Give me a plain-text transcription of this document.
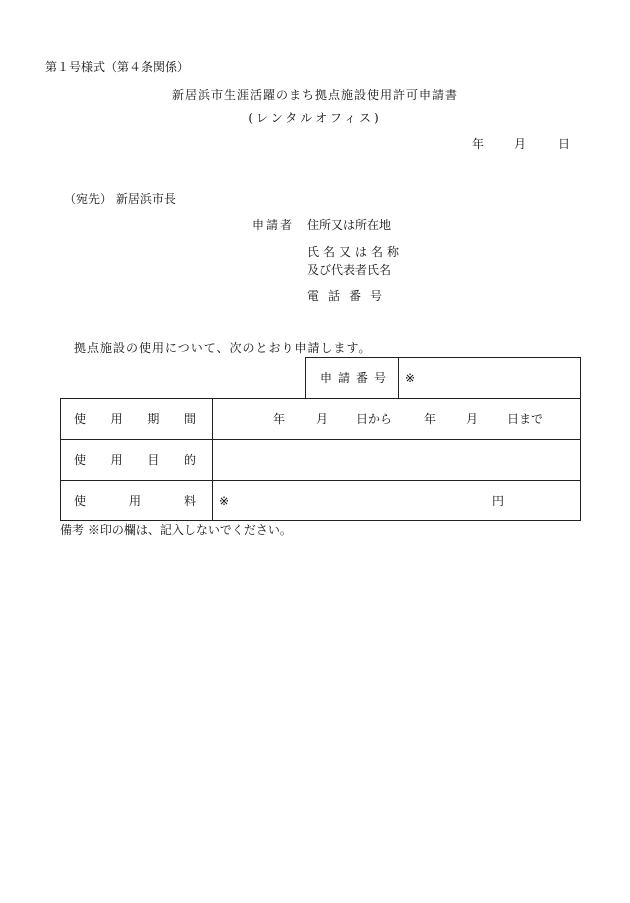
第１号様式（第４条関係）
新居浜市生涯活躍のまち拠点施設使用許可申請書
(レンタルオフィス)
年 月	日
（宛先） 新居浜市長
申請者 住所又は所在地
氏名又は名称
及び代表者氏名
電話番号
拠点施設の使用について、次のとおり申請します。
申 請 番 号 ※
使 用 期 間	年	月 日から	年 月 日まで
使 用 目 的
使	用	料 ※	円
備考 ※印の欄は、記入しないでください。
